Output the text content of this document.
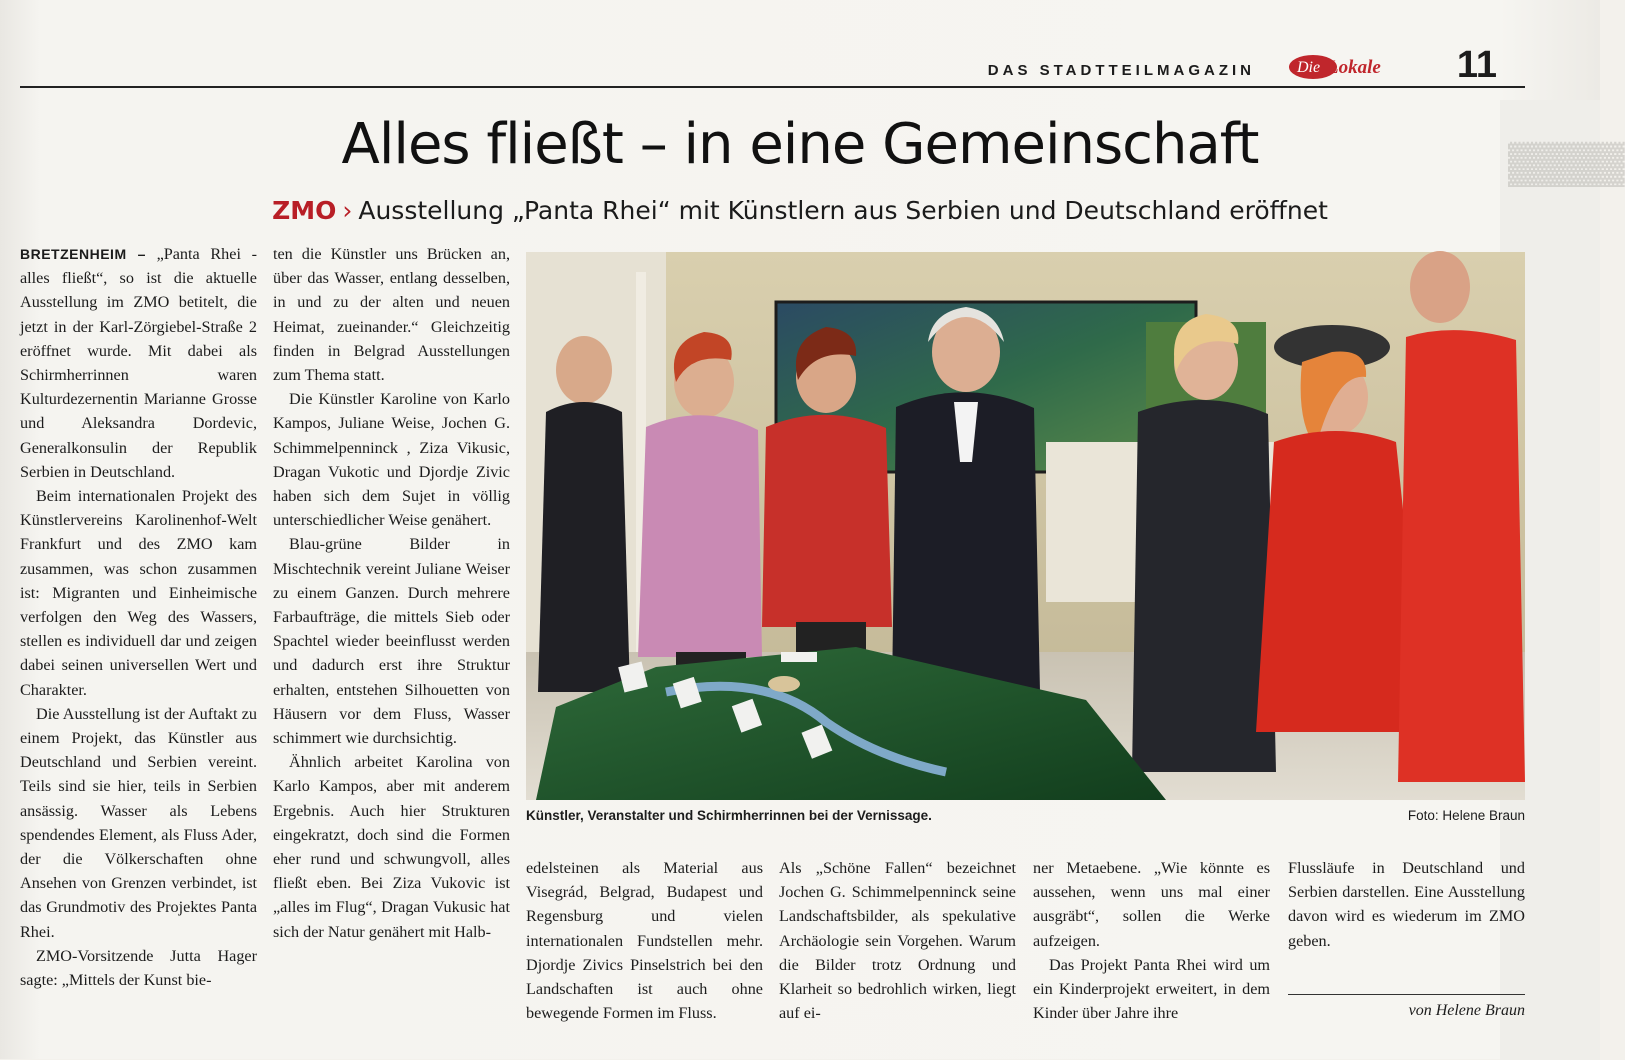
▓▓▓▓
DAS STADTTEILMAGAZIN	Die Lokale 11
Alles fließt – in eine Gemeinschaft
ZMO › Ausstellung „Panta Rhei“ mit Künstlern aus Serbien und Deutschland eröffnet

BRETZENHEIM – „Panta Rhei - alles fließt“, so ist die aktuelle Ausstellung im ZMO betitelt, die jetzt in der Karl-Zörgiebel-Straße 2 eröffnet wurde. Mit dabei als Schirmherrinnen waren Kulturdezernentin Marianne Grosse und Aleksandra Dordevic, Generalkonsulin der Republik Serbien in Deutschland.

Beim internationalen Projekt des Künstlervereins Karolinenhof-Welt Frankfurt und des ZMO kam zusammen, was schon zusammen ist: Migranten und Einheimische verfolgen den Weg des Wassers, stellen es individuell dar und zeigen dabei seinen universellen Wert und Charakter.

Die Ausstellung ist der Auftakt zu einem Projekt, das Künstler aus Deutschland und Serbien vereint. Teils sind sie hier, teils in Serbien ansässig. Wasser als Lebens spendendes Element, als Fluss Ader, der die Völkerschaften ohne Ansehen von Grenzen verbindet, ist das Grundmotiv des Projektes Panta Rhei.

ZMO-Vorsitzende Jutta Hager sagte: „Mittels der Kunst bie-

ten die Künstler uns Brücken an, über das Wasser, entlang desselben, in und zu der alten und neuen Heimat, zueinander.“ Gleichzeitig finden in Belgrad Ausstellungen zum Thema statt.

Die Künstler Karoline von Karlo Kampos, Juliane Weise, Jochen G. Schimmelpenninck , Ziza Vikusic, Dragan Vukotic und Djordje Zivic haben sich dem Sujet in völlig unterschiedlicher Weise genähert.

Blau-grüne Bilder in Mischtechnik vereint Juliane Weiser zu einem Ganzen. Durch mehrere Farbaufträge, die mittels Sieb oder Spachtel wieder beeinflusst werden und dadurch erst ihre Struktur erhalten, entstehen Silhouetten von Häusern vor dem Fluss, Wasser schimmert wie durchsichtig.

Ähnlich arbeitet Karolina von Karlo Kampos, aber mit anderem Ergebnis. Auch hier Strukturen eingekratzt, doch sind die Formen eher rund und schwungvoll, alles fließt eben. Bei Ziza Vukovic ist „alles im Flug“, Dragan Vukusic hat sich der Natur genähert mit Halb-

Künstler, Veranstalter und Schirmherrinnen bei der Vernissage.	Foto: Helene Braun

edelsteinen als Material aus Visegrád, Belgrad, Budapest und Regensburg und vielen internationalen Fundstellen mehr. Djordje Zivics Pinselstrich bei den Landschaften ist auch ohne bewegende Formen im Fluss.

Als „Schöne Fallen“ bezeichnet Jochen G. Schimmelpenninck seine Landschaftsbilder, als spekulative Archäologie sein Vorgehen. Warum die Bilder trotz Ordnung und Klarheit so bedrohlich wirken, liegt auf ei-

ner Metaebene. „Wie könnte es aussehen, wenn uns mal einer ausgräbt“, sollen die Werke aufzeigen.

Das Projekt Panta Rhei wird um ein Kinderprojekt erweitert, in dem Kinder über Jahre ihre

Flussläufe in Deutschland und Serbien darstellen. Eine Ausstellung davon wird es wiederum im ZMO geben.

von Helene Braun
